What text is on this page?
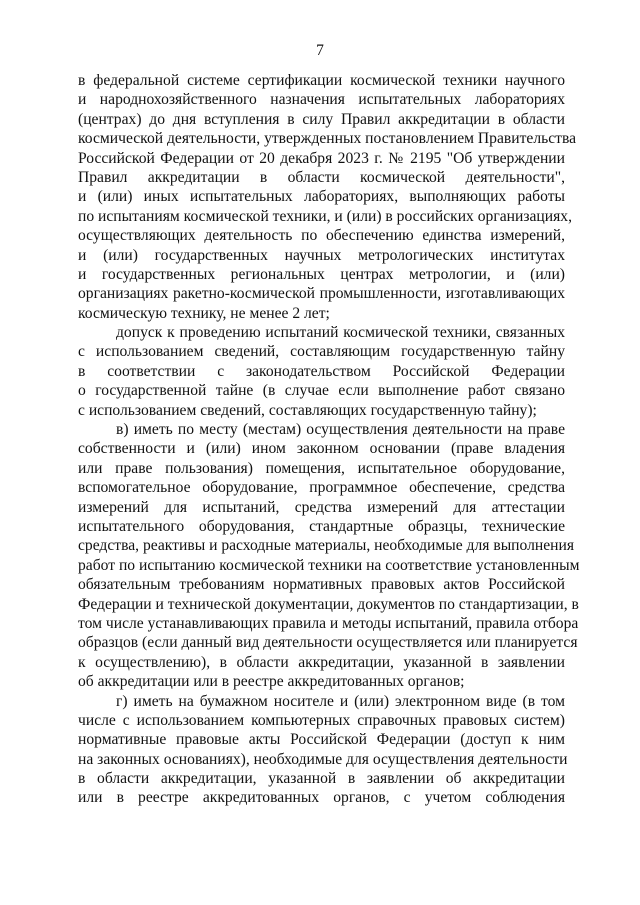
7
в федеральной системе сертификации космической техники научного
и народнохозяйственного назначения испытательных лабораториях
(центрах) до дня вступления в силу Правил аккредитации в области
космической деятельности, утвержденных постановлением Правительства
Российской Федерации от 20 декабря 2023 г. № 2195 "Об утверждении
Правил аккредитации в области космической деятельности",
и (или) иных испытательных лабораториях, выполняющих работы
по испытаниям космической техники, и (или) в российских организациях,
осуществляющих деятельность по обеспечению единства измерений,
и (или) государственных научных метрологических институтах
и государственных региональных центрах метрологии, и (или)
организациях ракетно-космической промышленности, изготавливающих
космическую технику, не менее 2 лет;
допуск к проведению испытаний космической техники, связанных
с использованием сведений, составляющим государственную тайну
в соответствии с законодательством Российской Федерации
о государственной тайне (в случае если выполнение работ связано
с использованием сведений, составляющих государственную тайну);
в) иметь по месту (местам) осуществления деятельности на праве
собственности и (или) ином законном основании (праве владения
или праве пользования) помещения, испытательное оборудование,
вспомогательное оборудование, программное обеспечение, средства
измерений для испытаний, средства измерений для аттестации
испытательного оборудования, стандартные образцы, технические
средства, реактивы и расходные материалы, необходимые для выполнения
работ по испытанию космической техники на соответствие установленным
обязательным требованиям нормативных правовых актов Российской
Федерации и технической документации, документов по стандартизации, в
том числе устанавливающих правила и методы испытаний, правила отбора
образцов (если данный вид деятельности осуществляется или планируется
к осуществлению), в области аккредитации, указанной в заявлении
об аккредитации или в реестре аккредитованных органов;
г) иметь на бумажном носителе и (или) электронном виде (в том
числе с использованием компьютерных справочных правовых систем)
нормативные правовые акты Российской Федерации (доступ к ним
на законных основаниях), необходимые для осуществления деятельности
в области аккредитации, указанной в заявлении об аккредитации
или в реестре аккредитованных органов, с учетом соблюдения
